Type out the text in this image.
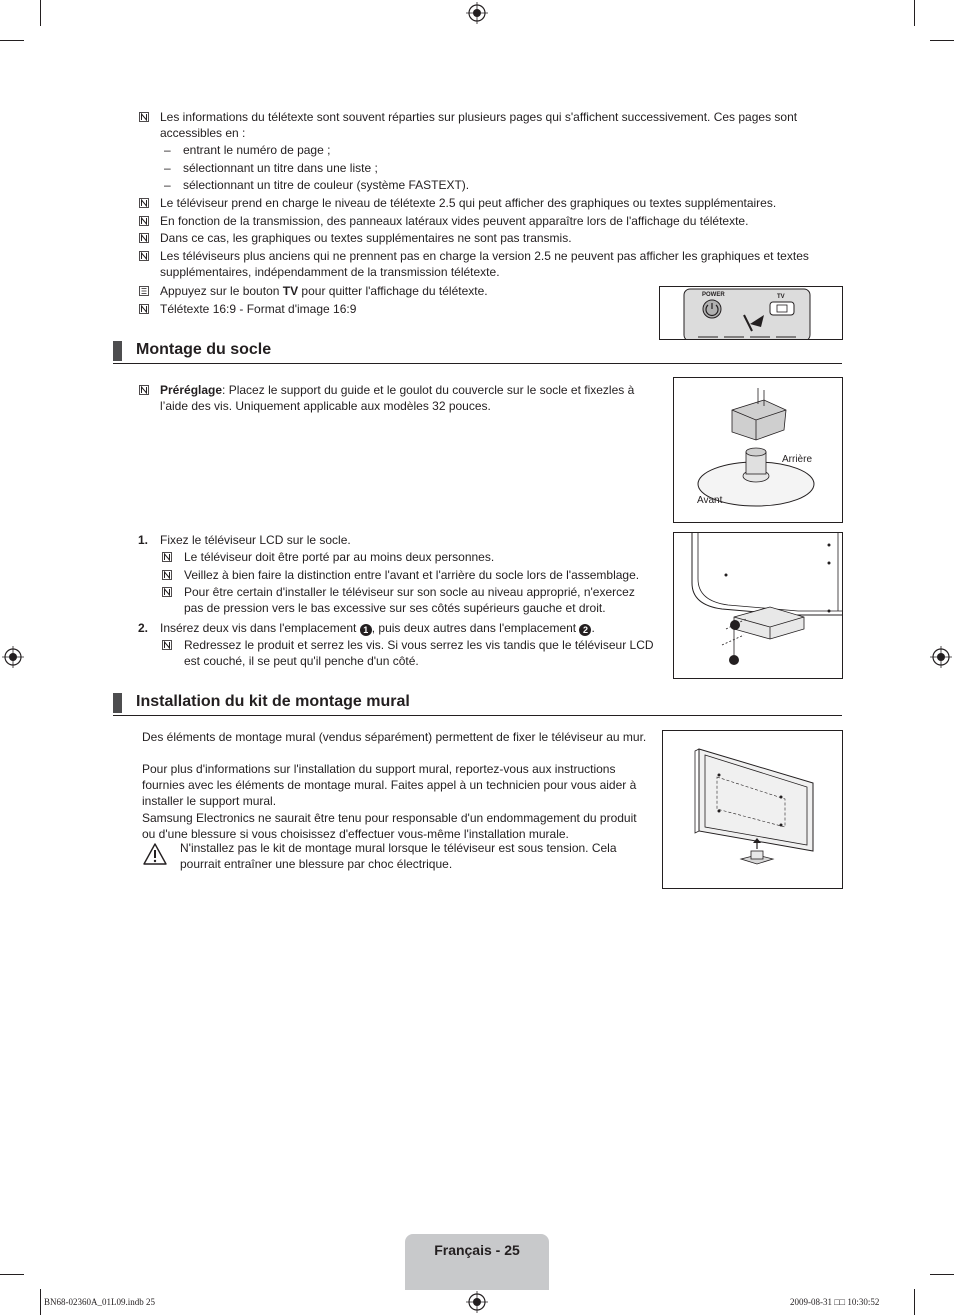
Les informations du télétexte sont souvent réparties sur plusieurs pages qui s'affichent successivement. Ces pages sont accessibles en :
– entrant le numéro de page ;
– sélectionnant un titre dans une liste ;
– sélectionnant un titre de couleur (système FASTEXT).
Le téléviseur prend en charge le niveau de télétexte 2.5 qui peut afficher des graphiques ou textes supplémentaires.
En fonction de la transmission, des panneaux latéraux vides peuvent apparaître lors de l'affichage du télétexte.
Dans ce cas, les graphiques ou textes supplémentaires ne sont pas transmis.
Les téléviseurs plus anciens qui ne prennent pas en charge la version 2.5 ne peuvent pas afficher les graphiques et textes supplémentaires, indépendamment de la transmission télétexte.
Appuyez sur le bouton TV pour quitter l'affichage du télétexte.
Télétexte 16:9 - Format d'image 16:9
POWER	TV
Montage du socle
Préréglage: Placez le support du guide et le goulot du couvercle sur le socle et fixezles à l’aide des vis. Uniquement applicable aux modèles 32 pouces.
Arrière
Avant
1. Fixez le téléviseur LCD sur le socle.
Le téléviseur doit être porté par au moins deux personnes.
Veillez à bien faire la distinction entre l'avant et l'arrière du socle lors de l'assemblage.
Pour être certain d'installer le téléviseur sur son socle au niveau approprié, n'exercez pas de pression vers le bas excessive sur ses côtés supérieurs gauche et droit.
2. Insérez deux vis dans l'emplacement 1 , puis deux autres dans l'emplacement 2 .
Redressez le produit et serrez les vis. Si vous serrez les vis tandis que le téléviseur LCD est couché, il se peut qu'il penche d'un côté.
Installation du kit de montage mural
Des éléments de montage mural (vendus séparément) permettent de fixer le téléviseur au mur.
Pour plus d'informations sur l'installation du support mural, reportez-vous aux instructions fournies avec les éléments de montage mural. Faites appel à un technicien pour vous aider à installer le support mural.
Samsung Electronics ne saurait être tenu pour responsable d'un endommagement du produit ou d'une blessure si vous choisissez d'effectuer vous-même l'installation murale.
N'installez pas le kit de montage mural lorsque le téléviseur est sous tension. Cela pourrait entraîner une blessure par choc électrique.
Français - 25
BN68-02360A_01L09.indb 25	2009-08-31 □□ 10:30:52
